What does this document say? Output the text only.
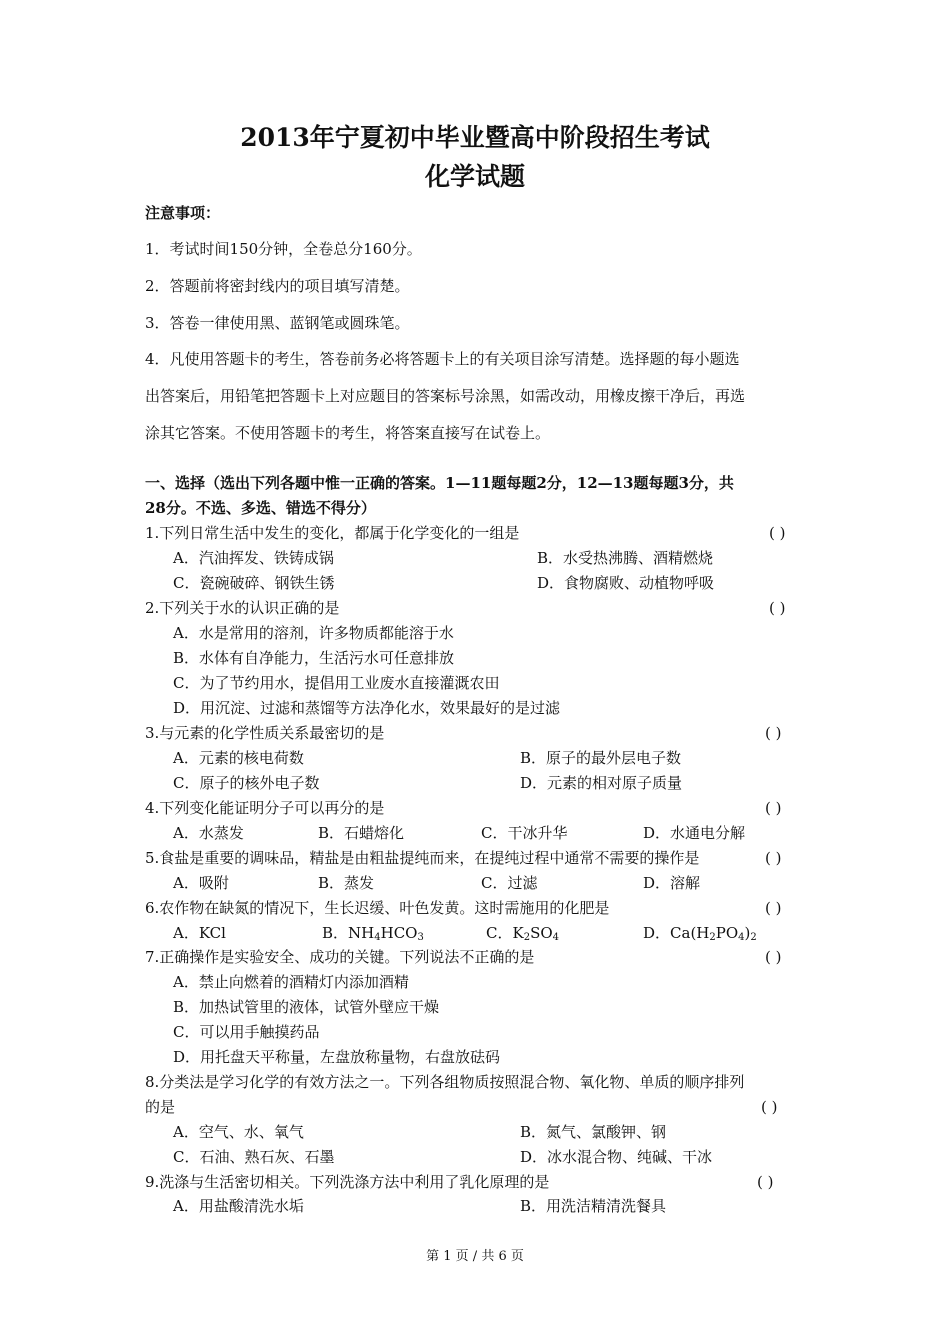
2013年宁夏初中毕业暨高中阶段招生考试
化学试题
注意事项：
1．考试时间150分钟，全卷总分160分。
2．答题前将密封线内的项目填写清楚。
3．答卷一律使用黑、蓝钢笔或圆珠笔。
4．凡使用答题卡的考生，答卷前务必将答题卡上的有关项目涂写清楚。选择题的每小题选
出答案后，用铅笔把答题卡上对应题目的答案标号涂黑，如需改动，用橡皮擦干净后，再选
涂其它答案。不使用答题卡的考生，将答案直接写在试卷上。
一、选择（选出下列各题中惟一正确的答案。1—11题每题2分，12—13题每题3分，共
28分。不选、多选、错选不得分）
1.下列日常生活中发生的变化，都属于化学变化的一组是	( )
A．汽油挥发、铁铸成锅	B．水受热沸腾、酒精燃烧
C．瓷碗破碎、钢铁生锈	D．食物腐败、动植物呼吸
2.下列关于水的认识正确的是	( )
A．水是常用的溶剂，许多物质都能溶于水
B．水体有自净能力，生活污水可任意排放
C．为了节约用水，提倡用工业废水直接灌溉农田
D．用沉淀、过滤和蒸馏等方法净化水，效果最好的是过滤
3.与元素的化学性质关系最密切的是	( )
A．元素的核电荷数	B．原子的最外层电子数
C．原子的核外电子数	D．元素的相对原子质量
4.下列变化能证明分子可以再分的是	( )
A．水蒸发	B．石蜡熔化	C．干冰升华	D．水通电分解
5.食盐是重要的调味品，精盐是由粗盐提纯而来，在提纯过程中通常不需要的操作是	( )
A．吸附	B．蒸发	C．过滤	D．溶解
6.农作物在缺氮的情况下，生长迟缓、叶色发黄。这时需施用的化肥是	( )
A．KCl	B．$NH_4HCO_3$	C．$K_2SO_4$	D．$Ca(H_2PO_4)_2$
7.正确操作是实验安全、成功的关键。下列说法不正确的是	( )
A．禁止向燃着的酒精灯内添加酒精
B．加热试管里的液体，试管外壁应干燥
C．可以用手触摸药品
D．用托盘天平称量，左盘放称量物，右盘放砝码
8.分类法是学习化学的有效方法之一。下列各组物质按照混合物、氧化物、单质的顺序排列
的是	( )
A．空气、水、氧气	B．氮气、氯酸钾、钢
C．石油、熟石灰、石墨	D．冰水混合物、纯碱、干冰
9.洗涤与生活密切相关。下列洗涤方法中利用了乳化原理的是	( )
A．用盐酸清洗水垢	B．用洗洁精清洗餐具
第 1 页 / 共 6 页
